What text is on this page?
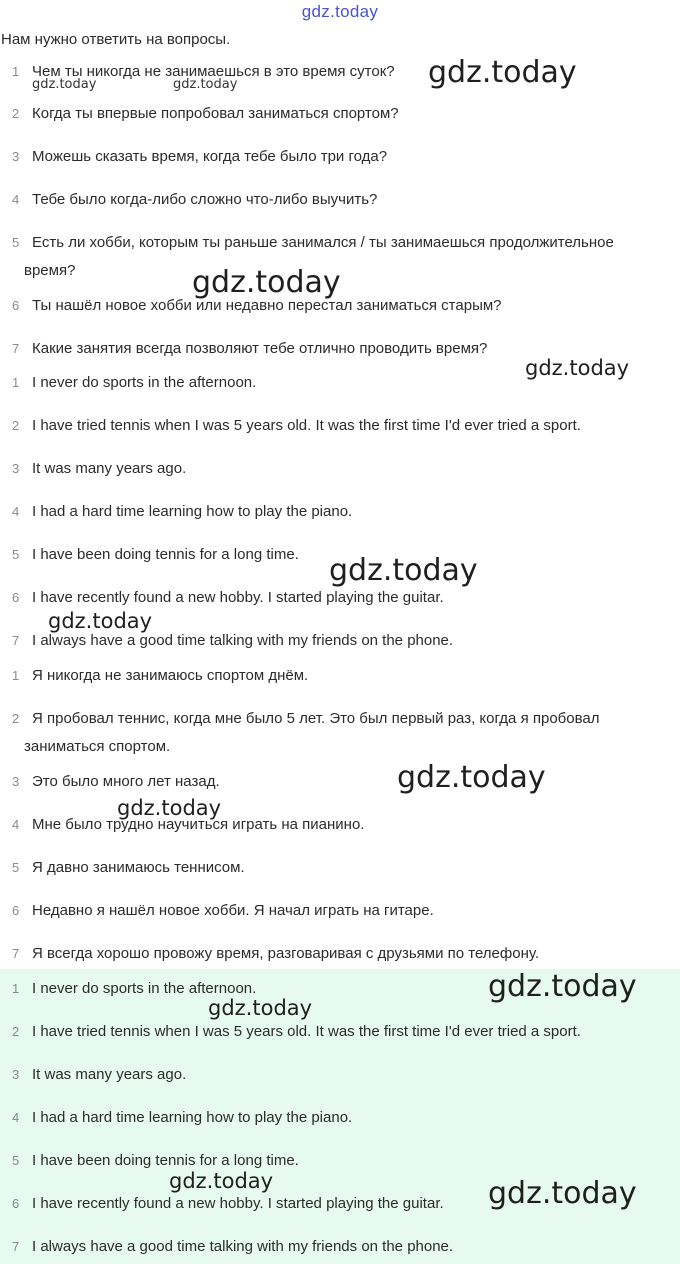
gdz.today
Нам нужно ответить на вопросы.
1 Чем ты никогда не занимаешься в это время суток?
2 Когда ты впервые попробовал заниматься спортом?
3 Можешь сказать время, когда тебе было три года?
4 Тебе было когда-либо сложно что-либо выучить?
5 Есть ли хобби, которым ты раньше занимался / ты занимаешься продолжительное
время?
6 Ты нашёл новое хобби или недавно перестал заниматься старым?
7 Какие занятия всегда позволяют тебе отлично проводить время?
1 I never do sports in the afternoon.
2 I have tried tennis when I was 5 years old. It was the first time I'd ever tried a sport.
3 It was many years ago.
4 I had a hard time learning how to play the piano.
5 I have been doing tennis for a long time.
6 I have recently found a new hobby. I started playing the guitar.
7 I always have a good time talking with my friends on the phone.
1 Я никогда не занимаюсь спортом днём.
2 Я пробовал теннис, когда мне было 5 лет. Это был первый раз, когда я пробовал
заниматься спортом.
3 Это было много лет назад.
4 Мне было трудно научиться играть на пианино.
5 Я давно занимаюсь теннисом.
6 Недавно я нашёл новое хобби. Я начал играть на гитаре.
7 Я всегда хорошо провожу время, разговаривая с друзьями по телефону.
1 I never do sports in the afternoon.
2 I have tried tennis when I was 5 years old. It was the first time I'd ever tried a sport.
3 It was many years ago.
4 I had a hard time learning how to play the piano.
5 I have been doing tennis for a long time.
6 I have recently found a new hobby. I started playing the guitar.
7 I always have a good time talking with my friends on the phone.
gdz.today	gdz.today	gdz.today
gdz.today
gdz.today
gdz.today
gdz.today
gdz.today
gdz.today
gdz.today
gdz.today
gdz.today	gdz.today
